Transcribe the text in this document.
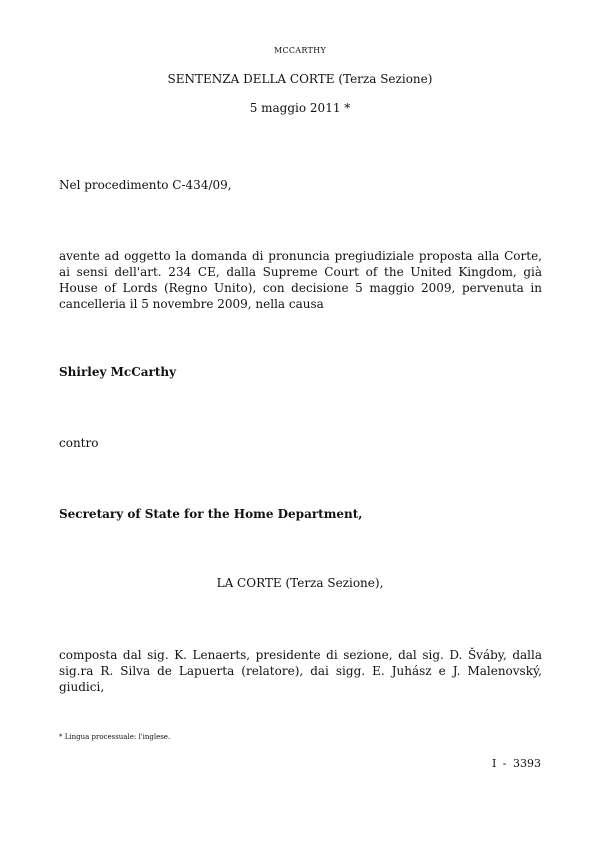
MCCARTHY
SENTENZA DELLA CORTE (Terza Sezione)
5 maggio 2011 *
Nel procedimento C-434/09,
avente ad oggetto la domanda di pronuncia pregiudiziale proposta alla Corte, ai sensi dell'art. 234 CE, dalla Supreme Court of the United Kingdom, già House of Lords (Regno Unito), con decisione 5 maggio 2009, pervenuta in cancelleria il 5 novembre 2009, nella causa
Shirley McCarthy
contro
Secretary of State for the Home Department,
LA CORTE (Terza Sezione),
composta dal sig. K. Lenaerts, presidente di sezione, dal sig. D. Šváby, dalla sig.ra R. Silva de Lapuerta (relatore), dai sigg. E. Juhász e J. Malenovský, giudici,
* Lingua processuale: l'inglese.
I - 3393
